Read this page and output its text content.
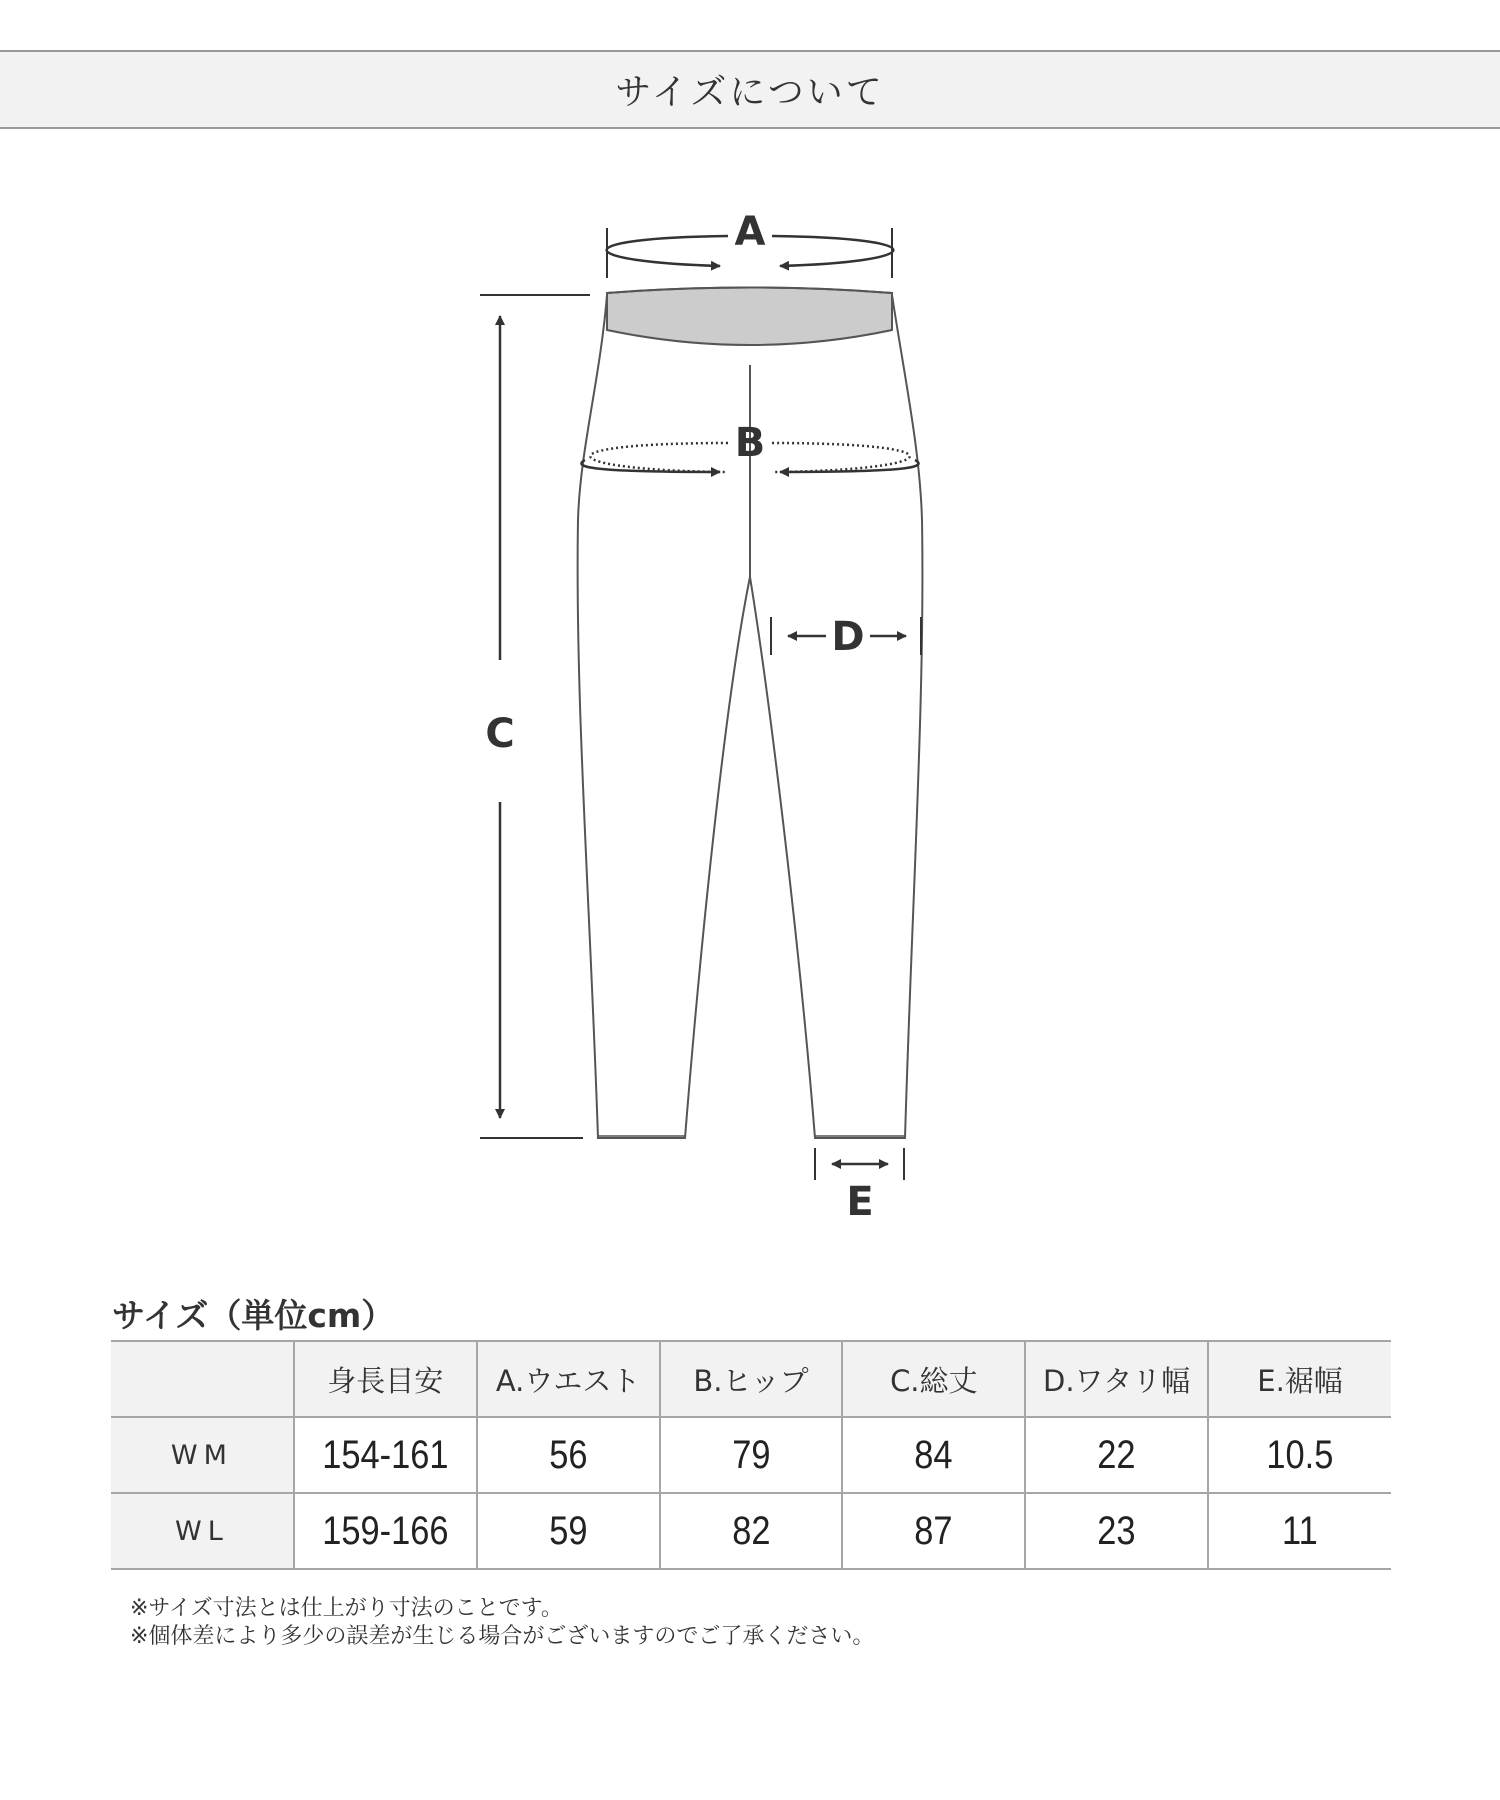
サイズについて
A
B
C
D
E
サイズ（単位cm）
	身長目安	A.ウエスト	B.ヒップ	C.総丈	D.ワタリ幅	E.裾幅
WM	154-161	56	79	84	22	10.5
WL	159-166	59	82	87	23	11
※サイズ寸法とは仕上がり寸法のことです。
※個体差により多少の誤差が生じる場合がございますのでご了承ください。
